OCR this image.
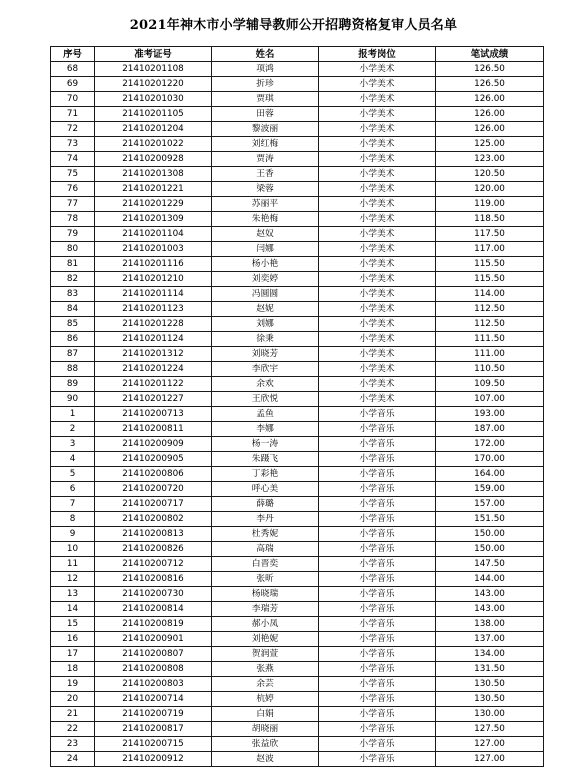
2021年神木市小学辅导教师公开招聘资格复审人员名单
序号	准考证号	姓名	报考岗位	笔试成绩
68	21410201108	项鸿	小学美术	126.50
69	21410201220	折珍	小学美术	126.50
70	21410201030	贾琪	小学美术	126.00
71	21410201105	田蓉	小学美术	126.00
72	21410201204	黎波丽	小学美术	126.00
73	21410201022	刘红梅	小学美术	125.00
74	21410200928	贾涛	小学美术	123.00
75	21410201308	王香	小学美术	120.50
76	21410201221	梁蓉	小学美术	120.00
77	21410201229	苏丽平	小学美术	119.00
78	21410201309	朱艳梅	小学美术	118.50
79	21410201104	赵奴	小学美术	117.50
80	21410201003	闫娜	小学美术	117.00
81	21410201116	杨小艳	小学美术	115.50
82	21410201210	刘奕婷	小学美术	115.50
83	21410201114	冯圆圆	小学美术	114.00
84	21410201123	赵妮	小学美术	112.50
85	21410201228	刘娜	小学美术	112.50
86	21410201124	徐秉	小学美术	111.50
87	21410201312	刘晓芳	小学美术	111.00
88	21410201224	李欣宇	小学美术	110.50
89	21410201122	余欢	小学美术	109.50
90	21410201227	王欣悦	小学美术	107.00
1	21410200713	孟鱼	小学音乐	193.00
2	21410200811	李娜	小学音乐	187.00
3	21410200909	杨一涛	小学音乐	172.00
4	21410200905	朱蹑飞	小学音乐	170.00
5	21410200806	丁彩艳	小学音乐	164.00
6	21410200720	呼心美	小学音乐	159.00
7	21410200717	薛璐	小学音乐	157.00
8	21410200802	李丹	小学音乐	151.50
9	21410200813	杜秀妮	小学音乐	150.00
10	21410200826	高瑞	小学音乐	150.00
11	21410200712	白晋奕	小学音乐	147.50
12	21410200816	张昕	小学音乐	144.00
13	21410200730	杨晓瑞	小学音乐	143.00
14	21410200814	李瑞芳	小学音乐	143.00
15	21410200819	郝小凤	小学音乐	138.00
16	21410200901	刘艳妮	小学音乐	137.00
17	21410200807	贺润萱	小学音乐	134.00
18	21410200808	张燕	小学音乐	131.50
19	21410200803	余芸	小学音乐	130.50
20	21410200714	杭婷	小学音乐	130.50
21	21410200719	白娟	小学音乐	130.00
22	21410200817	胡晓丽	小学音乐	127.50
23	21410200715	张益欣	小学音乐	127.00
24	21410200912	赵波	小学音乐	127.00
